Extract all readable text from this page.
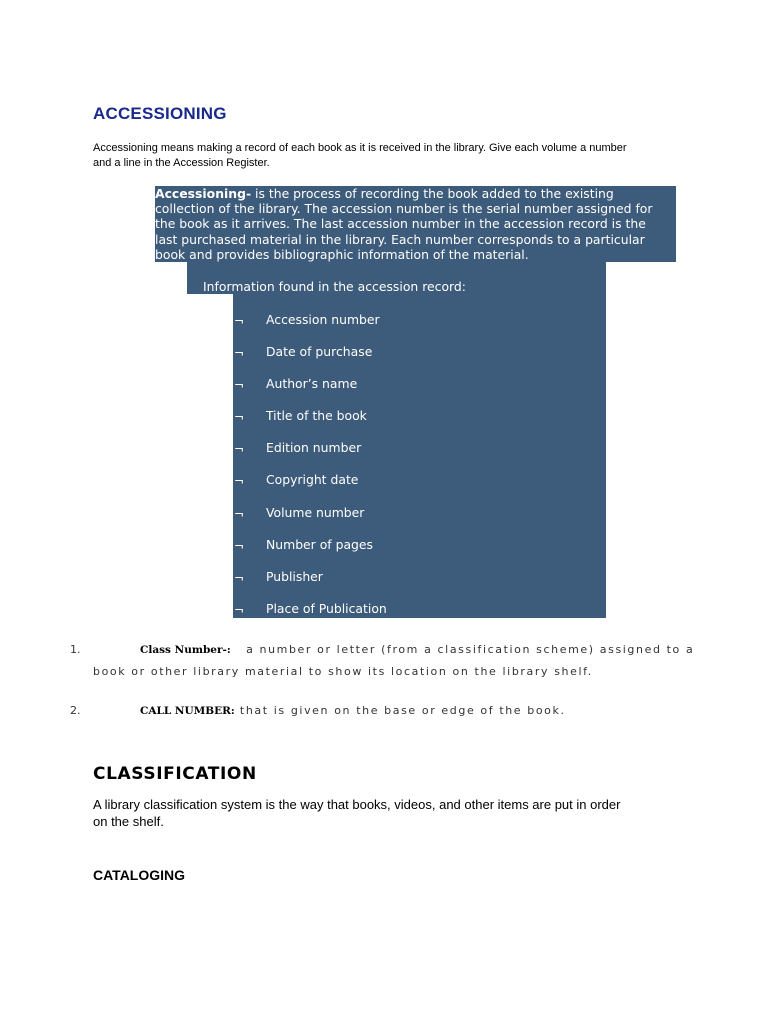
ACCESSIONING
Accessioning means making a record of each book as it is received in the library. Give each volume a number
and a line in the Accession Register.
Accessioning- is the process of recording the book added to the existing
collection of the library. The accession number is the serial number assigned for
the book as it arrives. The last accession number in the accession record is the
last purchased material in the library. Each number corresponds to a particular
book and provides bibliographic information of the material.
Information found in the accession record:
¬ Accession number
¬ Date of purchase
¬ Author’s name
¬ Title of the book
¬ Edition number
¬ Copyright date
¬ Volume number
¬ Number of pages
¬ Publisher
¬ Place of Publication
1.	Class Number-: a number or letter (from a classification scheme) assigned to a
book or other library material to show its location on the library shelf.
2.	CALL NUMBER: that is given on the base or edge of the book.
CLASSIFICATION
A library classification system is the way that books, videos, and other items are put in order
on the shelf.
CATALOGING
